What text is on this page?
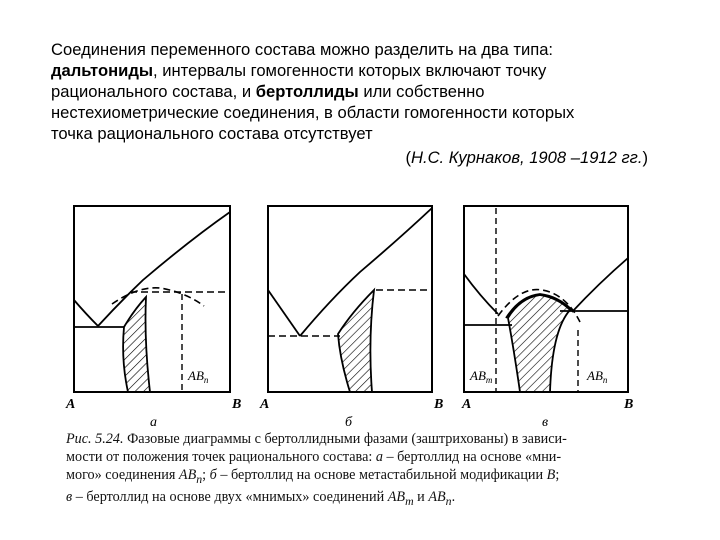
Соединения переменного состава можно разделить на два типа:
дальтониды, интервалы гомогенности которых включают точку
рационального состава, и бертоллиды или собственно
нестехиометрические соединения, в области гомогенности которых
точка рационального состава отсутствует
(Н.С. Курнаков, 1908 –1912 гг.)
$AB_n$
A	B
а
A	B
б
$AB_m$	$AB_n$
A	B
в
Рис. 5.24. Фазовые диаграммы с бертоллидными фазами (заштрихованы) в зависи-
мости от положения точек рационального состава: а – бертоллид на основе «мни-
мого» соединения $AB_n$; б – бертоллид на основе метастабильной модификации B;
в – бертоллид на основе двух «мнимых» соединений $AB_m$ и $AB_n$.
